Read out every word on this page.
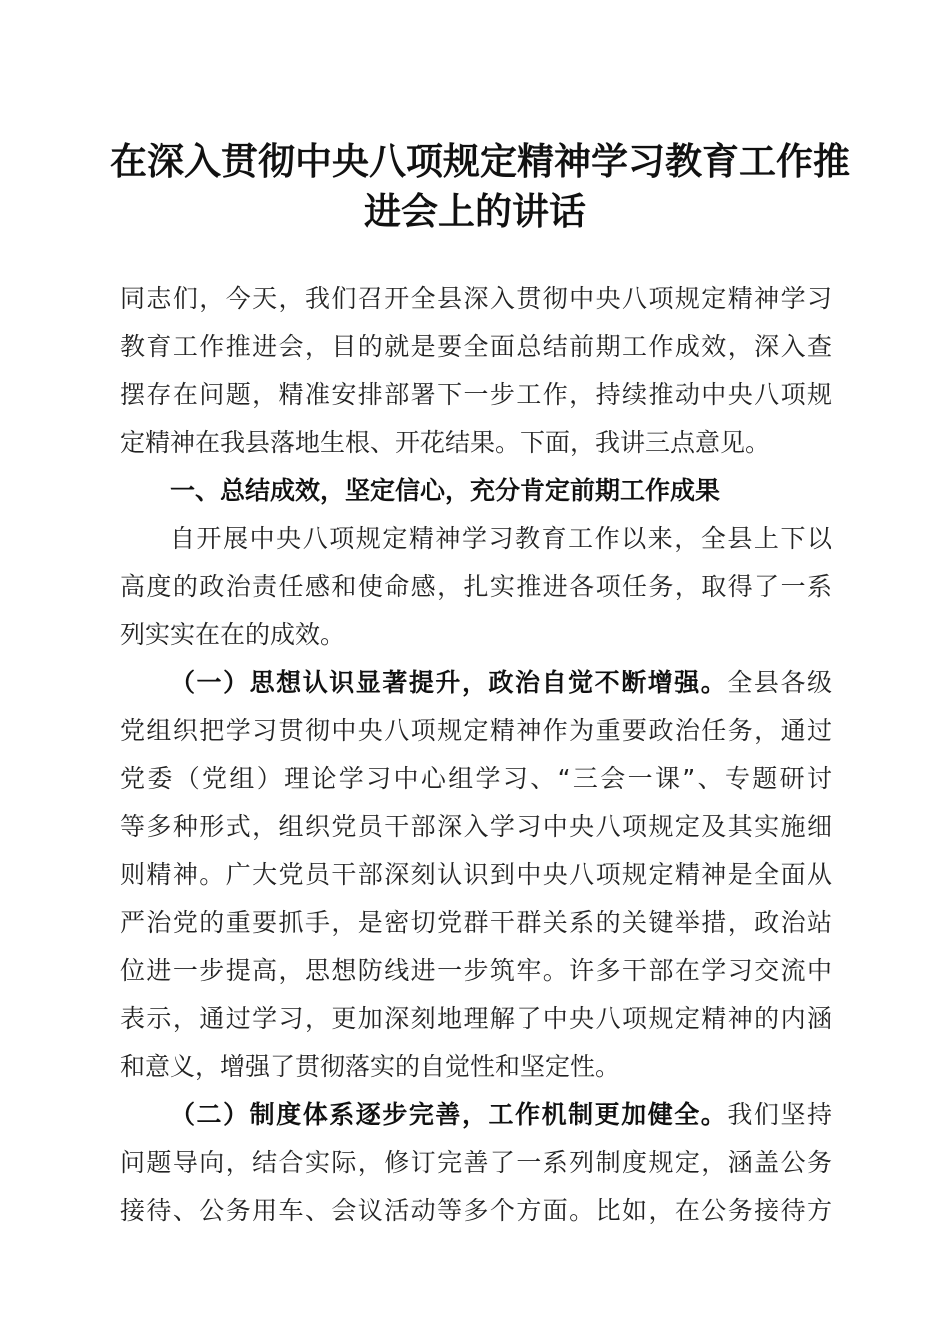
在深入贯彻中央八项规定精神学习教育工作推
进会上的讲话
同志们，今天，我们召开全县深入贯彻中央八项规定精神学习
教育工作推进会，目的就是要全面总结前期工作成效，深入查
摆存在问题，精准安排部署下一步工作，持续推动中央八项规
定精神在我县落地生根、开花结果。下面，我讲三点意见。
一、总结成效，坚定信心，充分肯定前期工作成果
自开展中央八项规定精神学习教育工作以来，全县上下以
高度的政治责任感和使命感，扎实推进各项任务，取得了一系
列实实在在的成效。
（一）思想认识显著提升，政治自觉不断增强。全县各级
党组织把学习贯彻中央八项规定精神作为重要政治任务，通过
党委（党组）理论学习中心组学习、“三会一课”、专题研讨
等多种形式，组织党员干部深入学习中央八项规定及其实施细
则精神。广大党员干部深刻认识到中央八项规定精神是全面从
严治党的重要抓手，是密切党群干群关系的关键举措，政治站
位进一步提高，思想防线进一步筑牢。许多干部在学习交流中
表示，通过学习，更加深刻地理解了中央八项规定精神的内涵
和意义，增强了贯彻落实的自觉性和坚定性。
（二）制度体系逐步完善，工作机制更加健全。我们坚持
问题导向，结合实际，修订完善了一系列制度规定，涵盖公务
接待、公务用车、会议活动等多个方面。比如，在公务接待方
